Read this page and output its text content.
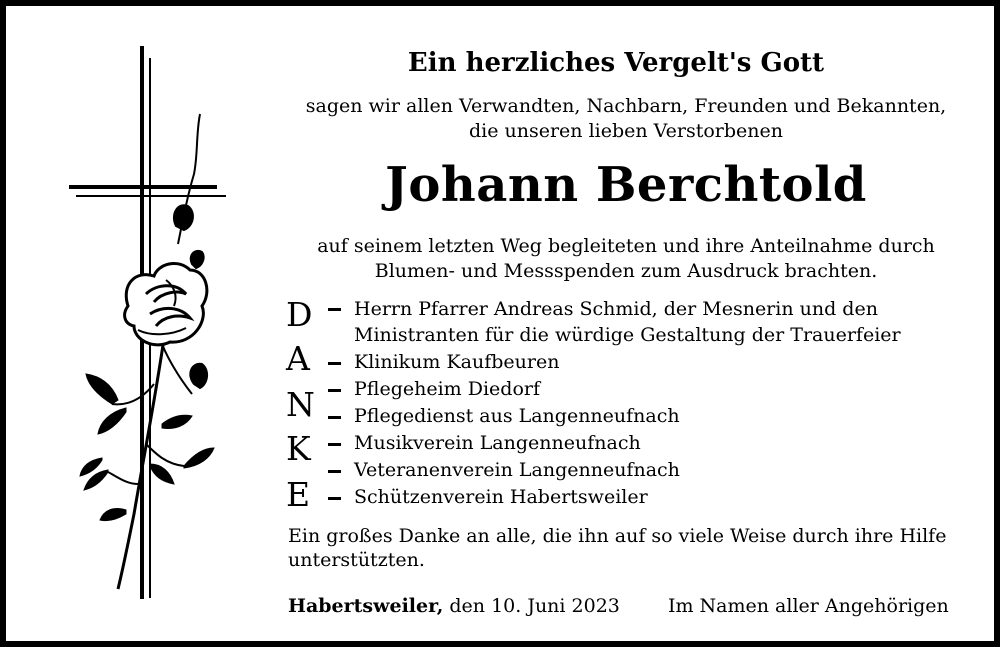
Ein herzliches Vergelt's Gott
sagen wir allen Verwandten, Nachbarn, Freunden und Bekannten,
die unseren lieben Verstorbenen
Johann Berchtold
auf seinem letzten Weg begleiteten und ihre Anteilnahme durch
Blumen- und Messspenden zum Ausdruck brachten.
D
A
N
K
E
Herrn Pfarrer Andreas Schmid, der Mesnerin und den
Ministranten für die würdige Gestaltung der Trauerfeier
Klinikum Kaufbeuren
Pflegeheim Diedorf
Pflegedienst aus Langenneufnach
Musikverein Langenneufnach
Veteranenverein Langenneufnach
Schützenverein Habertsweiler
Ein großes Danke an alle, die ihn auf so viele Weise durch ihre Hilfe
unterstützten.
Habertsweiler, den 10. Juni 2023	Im Namen aller Angehörigen
